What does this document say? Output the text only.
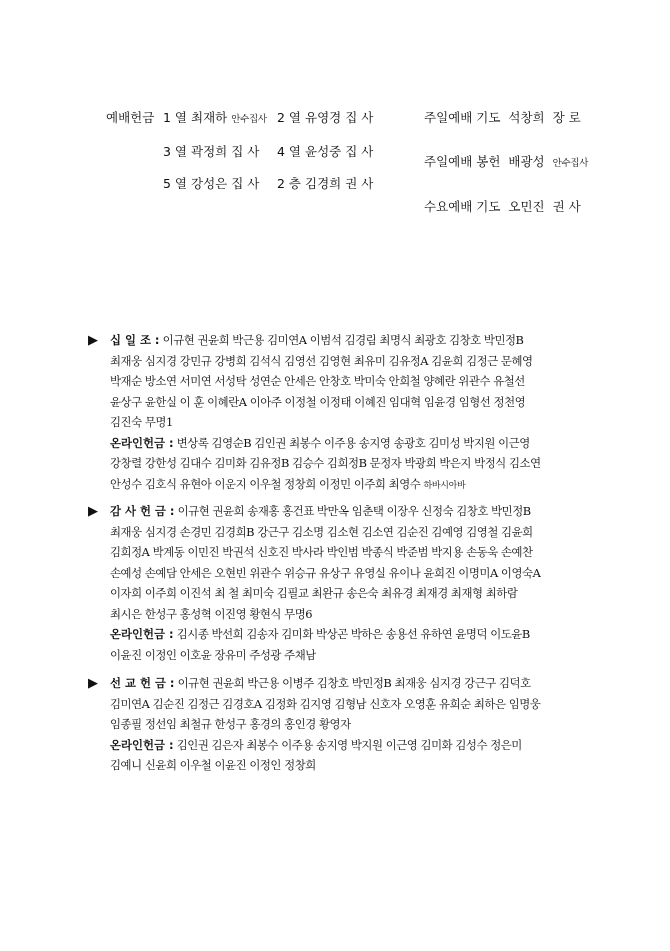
예배헌금 1 열 최재하 안수집사 2 열 유영경 집 사
3 열 곽정희 집 사 4 열 윤성중 집 사
5 열 강성은 집 사 2 층 김경희 권 사
주일예배 기도 석창희 장 로
주일예배 봉헌 배광성 안수집사
수요예배 기도 오민진 권 사
▶ 십 일 조 : 이규현 권윤희 박근용 김미연A 이범석 김경림 최명식 최광호 김창호 박민정B
최재웅 심지경 강민규 강병희 김석식 김영선 김영현 최유미 김유정A 김윤희 김정근 문혜영
박재순 방소연 서미연 서성탁 성연순 안세은 안창호 박미숙 안희철 양혜란 위관수 유철선
윤상구 윤한실 이 훈 이혜란A 이아주 이정철 이정태 이혜진 임대혁 임윤경 임형선 정천영
김진숙 무명1
온라인헌금 : 변상록 김영순B 김인권 최봉수 이주용 송지영 송광호 김미성 박지원 이근영
강창렬 강한성 김대수 김미화 김유정B 김승수 김희정B 문정자 박광희 박은지 박정식 김소연
안성수 김호식 유현아 이운지 이우철 정창희 이정민 이주희 최영수 하바시아바
▶ 감 사 헌 금 : 이규현 권윤희 송재홍 홍건표 박만옥 임춘택 이장우 신정숙 김창호 박민정B
최재웅 심지경 손경민 김경희B 강근구 김소명 김소현 김소연 김순진 김예영 김영철 김윤희
김희정A 박계동 이민진 박권석 신호진 박사라 박인범 박종식 박준범 박지용 손동욱 손예찬
손예성 손예담 안세은 오현빈 위관수 위승규 유상구 유영실 유이나 윤희진 이명미A 이영숙A
이자희 이주희 이진석 최 철 최미숙 김필교 최완규 송은숙 최유경 최재경 최재형 최하람
최시은 한성구 홍성혁 이진영 황현식 무명6
온라인헌금 : 김시종 박선희 김송자 김미화 박상곤 박하은 송용선 유하연 윤명덕 이도윤B
이윤진 이정인 이호윤 장유미 주성광 주채남
▶ 선 교 헌 금 : 이규현 권윤희 박근용 이병주 김창호 박민정B 최재웅 심지경 강근구 김덕호
김미연A 김순진 김정근 김경호A 김정화 김지영 김형남 신호자 오영훈 유희순 최하은 임명웅
임종필 정선임 최철규 한성구 홍경의 홍인경 황영자
온라인헌금 : 김인권 김은자 최봉수 이주용 송지영 박지원 이근영 김미화 김성수 정은미
김예니 신윤희 이우철 이윤진 이정인 정창희
